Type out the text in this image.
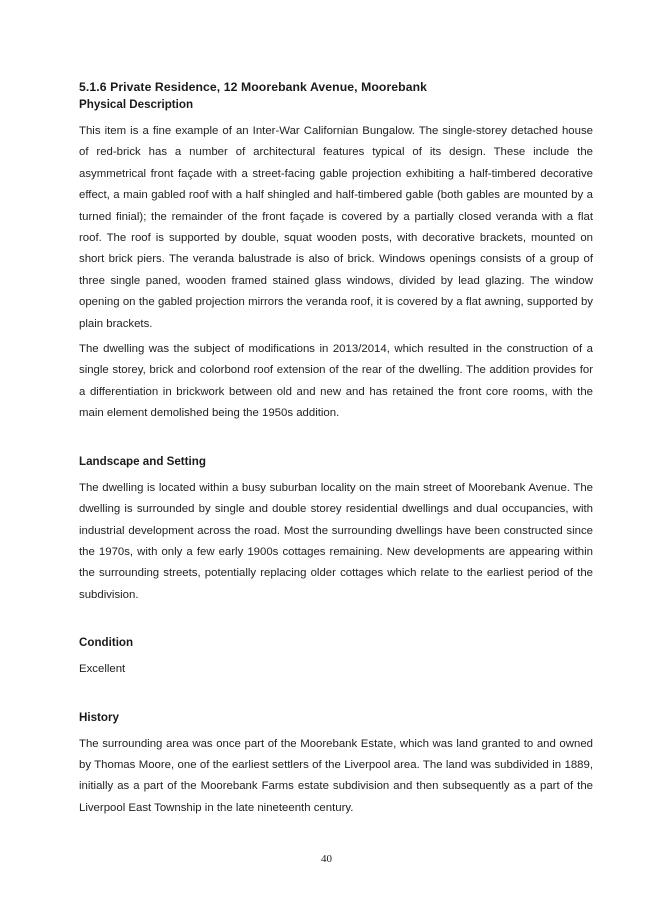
5.1.6 Private Residence, 12 Moorebank Avenue, Moorebank
Physical Description

This item is a fine example of an Inter-War Californian Bungalow. The single-storey detached house of red-brick has a number of architectural features typical of its design. These include the asymmetrical front façade with a street-facing gable projection exhibiting a half-timbered decorative effect, a main gabled roof with a half shingled and half-timbered gable (both gables are mounted by a turned finial); the remainder of the front façade is covered by a partially closed veranda with a flat roof. The roof is supported by double, squat wooden posts, with decorative brackets, mounted on short brick piers. The veranda balustrade is also of brick. Windows openings consists of a group of three single paned, wooden framed stained glass windows, divided by lead glazing. The window opening on the gabled projection mirrors the veranda roof, it is covered by a flat awning, supported by plain brackets.

The dwelling was the subject of modifications in 2013/2014, which resulted in the construction of a single storey, brick and colorbond roof extension of the rear of the dwelling. The addition provides for a differentiation in brickwork between old and new and has retained the front core rooms, with the main element demolished being the 1950s addition.

Landscape and Setting

The dwelling is located within a busy suburban locality on the main street of Moorebank Avenue. The dwelling is surrounded by single and double storey residential dwellings and dual occupancies, with industrial development across the road. Most the surrounding dwellings have been constructed since the 1970s, with only a few early 1900s cottages remaining. New developments are appearing within the surrounding streets, potentially replacing older cottages which relate to the earliest period of the subdivision.

Condition

Excellent

History

The surrounding area was once part of the Moorebank Estate, which was land granted to and owned by Thomas Moore, one of the earliest settlers of the Liverpool area. The land was subdivided in 1889, initially as a part of the Moorebank Farms estate subdivision and then subsequently as a part of the Liverpool East Township in the late nineteenth century.

40
